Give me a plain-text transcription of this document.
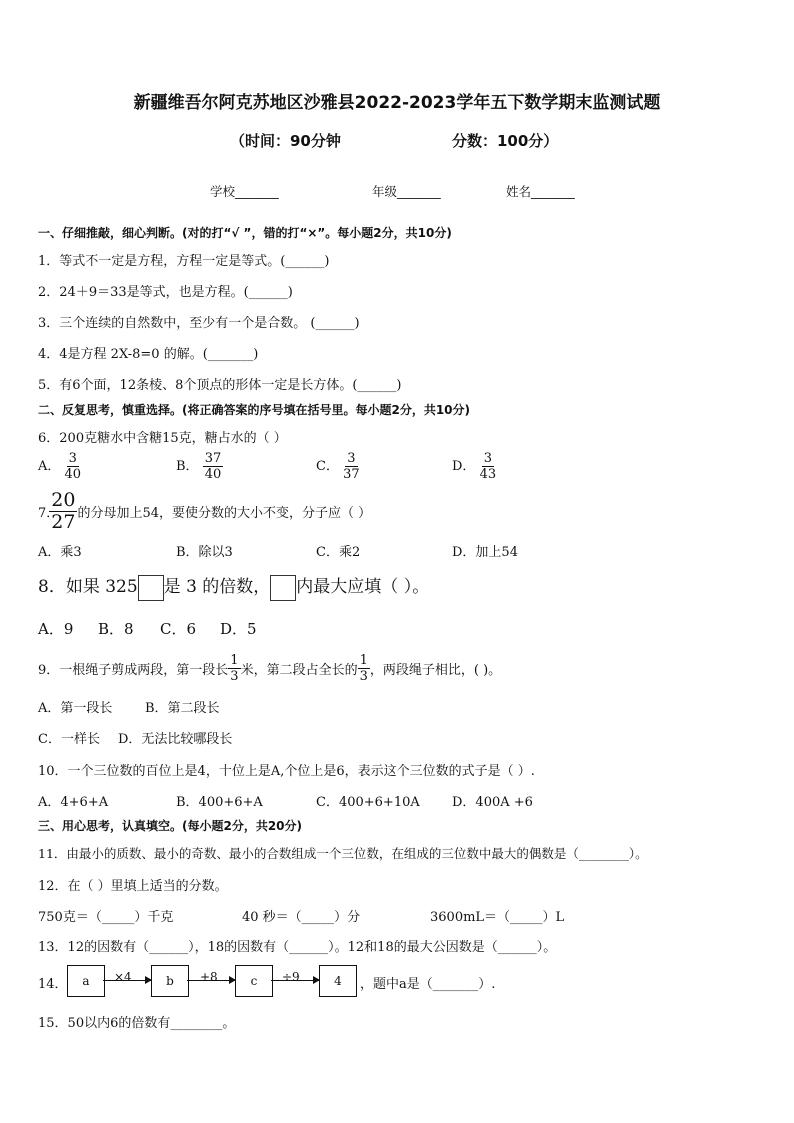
新疆维吾尔阿克苏地区沙雅县2022-2023学年五下数学期末监测试题
（时间：90分钟	分数：100分）
学校_______	年级_______	姓名_______
一、仔细推敲，细心判断。(对的打“√ ”，错的打“×”。每小题2分，共10分)
1．等式不一定是方程，方程一定是等式。(______)
2．24＋9＝33是等式，也是方程。(______)
3．三个连续的自然数中，至少有一个是合数。 (______)
4．4是方程 2X-8=0 的解。(_______)
5．有6个面，12条棱、8个顶点的形体一定是长方体。(______)
二、反复思考，慎重选择。(将正确答案的序号填在括号里。每小题2分，共10分)
6．200克糖水中含糖15克，糖占水的（ ）
A． $\frac{3}{40}$	B． $\frac{37}{40}$	C． $\frac{3}{37}$	D． $\frac{3}{43}$
7．
$\frac{20}{27}$ 的分母加上54，要使分数的大小不变，分子应（ ）
A．乘3	B．除以3	C．乘2	D．加上54
8．如果 325 是 3 的倍数， 内最大应填（ ）。
A．9 B．8 C．6 D．5
9．一根绳子剪成两段，第一段长 $\frac{1}{3}$ 米，第二段占全长的 $\frac{1}{3}$ ，两段绳子相比，( )。
A．第一段长	B．第二段长
C．一样长 D．无法比较哪段长
10．一个三位数的百位上是4，十位上是A,个位上是6，表示这个三位数的式子是（ ）.
A．4+6+A	B．400+6+A	C．400+6+10A D．400A +6
三、用心思考，认真填空。(每小题2分，共20分)
11．由最小的质数、最小的奇数、最小的合数组成一个三位数，在组成的三位数中最大的偶数是（________）。
12．在（ ）里填上适当的分数。
750克＝（_____）千克	40 秒＝（_____）分	3600mL＝（_____）L
13．12的因数有（______），18的因数有（______）。12和18的最大公因数是（______）。
14．	a	×4	b	+8	c	÷9	4	，题中a是（_______）.
15．50以内6的倍数有________。
